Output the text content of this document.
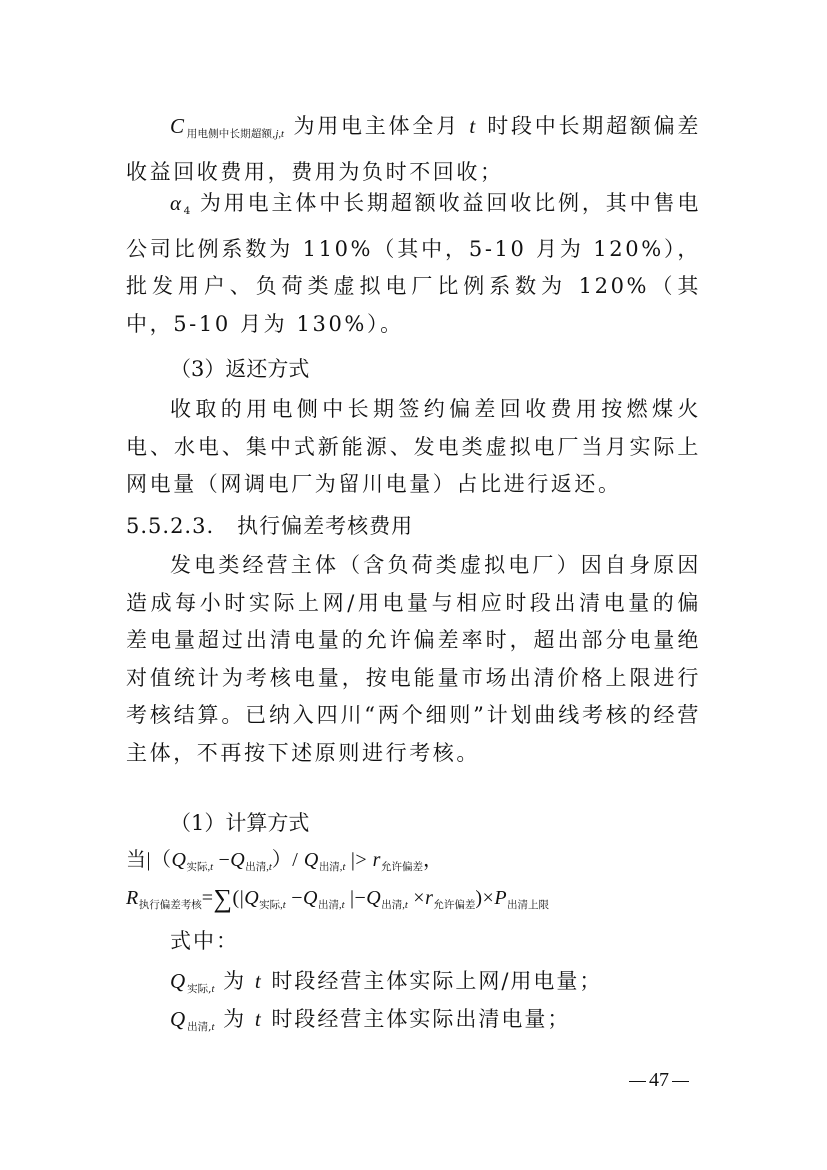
$C_{用电侧中长期超额,j,t}$ 为用电主体全月 t 时段中长期超额偏差收益回收费用，费用为负时不回收；

$\alpha_4$ 为用电主体中长期超额收益回收比例，其中售电公司比例系数为 110%（其中，5-10 月为 120%），批发用户、负荷类虚拟电厂比例系数为 120%（其中，5-10 月为 130%）。

（3）返还方式

收取的用电侧中长期签约偏差回收费用按燃煤火电、水电、集中式新能源、发电类虚拟电厂当月实际上网电量（网调电厂为留川电量）占比进行返还。

5.5.2.3.   执行偏差考核费用

发电类经营主体（含负荷类虚拟电厂）因自身原因造成每小时实际上网/用电量与相应时段出清电量的偏差电量超过出清电量的允许偏差率时，超出部分电量绝对值统计为考核电量，按电能量市场出清价格上限进行考核结算。已纳入四川“两个细则”计划曲线考核的经营主体，不再按下述原则进行考核。

（1）计算方式

当$|(Q_{实际,t} -Q_{出清,t})/$ $Q_{出清,t}$ |> $r_{允许偏差}$，

$R_{执行偏差考核}=\sum(|Q_{实际,t} -Q_{出清,t}$ $|-Q_{出清,t} \times r_{允许偏差})\times P_{出清上限}$

式中：

$Q_{实际,t}$ 为 t 时段经营主体实际上网/用电量；

$Q_{出清,t}$ 为 t 时段经营主体实际出清电量；

47
